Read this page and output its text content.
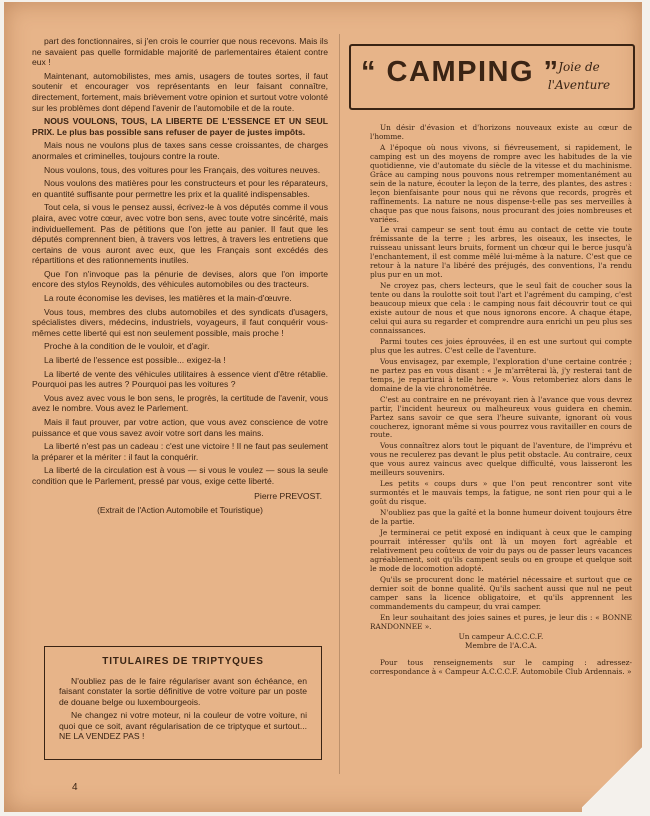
part des fonctionnaires, si j'en crois le courrier que nous recevons. Mais ils ne savaient pas quelle formidable majorité de parlementaires étaient contre eux !

Maintenant, automobilistes, mes amis, usagers de toutes sortes, il faut soutenir et encourager vos représentants en leur faisant connaître, directement, fortement, mais brièvement votre opinion et surtout votre volonté sur les problèmes dont dépend l'avenir de l'automobile et de la route.

NOUS VOULONS, TOUS, LA LIBERTE DE L'ESSENCE ET UN SEUL PRIX. Le plus bas possible sans refuser de payer de justes impôts.

Mais nous ne voulons plus de taxes sans cesse croissantes, de charges anormales et criminelles, toujours contre la route.

Nous voulons, tous, des voitures pour les Français, des voitures neuves.

Nous voulons des matières pour les constructeurs et pour les réparateurs, en quantité suffisante pour permettre les prix et la qualité indispensables.

Tout cela, si vous le pensez aussi, écrivez-le à vos députés comme il vous plaira, avec votre cœur, avec votre bon sens, avec toute votre sincérité, mais individuellement. Pas de pétitions que l'on jette au panier. Il faut que les députés comprennent bien, à travers vos lettres, à travers les entretiens que certains de vous auront avec eux, que les Français sont excédés des répartitions et des rationnements inutiles.

Que l'on n'invoque pas la pénurie de devises, alors que l'on importe encore des stylos Reynolds, des véhicules automobiles ou des tracteurs.

La route économise les devises, les matières et la main-d'œuvre.

Vous tous, membres des clubs automobiles et des syndicats d'usagers, spécialistes divers, médecins, industriels, voyageurs, il faut conquérir vous-mêmes cette liberté qui est non seulement possible, mais proche !

Proche à la condition de le vouloir, et d'agir.

La liberté de l'essence est possible... exigez-la !

La liberté de vente des véhicules utilitaires à essence vient d'être rétablie. Pourquoi pas les autres ? Pourquoi pas les voitures ?

Vous avez avec vous le bon sens, le progrès, la certitude de l'avenir, vous avez le nombre. Vous avez le Parlement.

Mais il faut prouver, par votre action, que vous avez conscience de votre puissance et que vous savez avoir votre sort dans les mains.

La liberté n'est pas un cadeau : c'est une victoire ! Il ne faut pas seulement la préparer et la mériter : il faut la conquérir.

La liberté de la circulation est à vous — si vous le voulez — sous la seule condition que le Parlement, pressé par vous, exige cette liberté.

Pierre PREVOST.
(Extrait de l'Action Automobile et Touristique)
TITULAIRES DE TRIPTYQUES

N'oubliez pas de le faire régulariser avant son échéance, en faisant constater la sortie définitive de votre voiture par un poste de douane belge ou luxembourgeois.

Ne changez ni votre moteur, ni la couleur de votre voiture, ni quoi que ce soit, avant régularisation de ce triptyque et surtout... NE LA VENDEZ PAS !

4
“ CAMPING ”
Joie de
l'Aventure

Un désir d'évasion et d'horizons nouveaux existe au cœur de l'homme.

A l'époque où nous vivons, si fiévreusement, si rapidement, le camping est un des moyens de rompre avec les habitudes de la vie quotidienne, vie d'automate du siècle de la vitesse et du machinisme. Grâce au camping nous pouvons nous retremper momentanément au sein de la nature, écouter la leçon de la terre, des plantes, des astres : leçon bienfaisante pour nous qui ne rêvons que records, progrès et raffinements. La nature ne nous dispense-t-elle pas ses merveilles à chaque pas que nous faisons, nous procurant des joies nombreuses et variées.

Le vrai campeur se sent tout ému au contact de cette vie toute frémissante de la terre ; les arbres, les oiseaux, les insectes, le ruisseau unissant leurs bruits, forment un chœur qui le berce jusqu'à l'enchantement, il est comme mêlé lui-même à la nature. C'est que ce retour à la nature l'a libéré des préjugés, des conventions, l'a rendu plus pur en un mot.

Ne croyez pas, chers lecteurs, que le seul fait de coucher sous la tente ou dans la roulotte soit tout l'art et l'agrément du camping, c'est beaucoup mieux que cela : le camping nous fait découvrir tout ce qui existe autour de nous et que nous ignorons encore. A chaque étape, celui qui aura su regarder et comprendre aura enrichi un peu plus ses connaissances.

Parmi toutes ces joies éprouvées, il en est une surtout qui compte plus que les autres. C'est celle de l'aventure.

Vous envisagez, par exemple, l'exploration d'une certaine contrée ; ne partez pas en vous disant : « Je m'arrêterai là, j'y resterai tant de temps, je repartirai à telle heure ». Vous retomberiez alors dans le domaine de la vie chronométrée.

C'est au contraire en ne prévoyant rien à l'avance que vous devrez partir, l'incident heureux ou malheureux vous guidera en chemin. Partez sans savoir ce que sera l'heure suivante, ignorant où vous coucherez, ignorant même si vous pourrez vous ravitailler en cours de route.

Vous connaîtrez alors tout le piquant de l'aventure, de l'imprévu et vous ne reculerez pas devant le plus petit obstacle. Au contraire, ceux que vous aurez vaincus avec quelque difficulté, vous laisseront les meilleurs souvenirs.

Les petits « coups durs » que l'on peut rencontrer sont vite surmontés et le mauvais temps, la fatigue, ne sont rien pour qui a le goût du risque.

N'oubliez pas que la gaîté et la bonne humeur doivent toujours être de la partie.

Je terminerai ce petit exposé en indiquant à ceux que le camping pourrait intéresser qu'ils ont là un moyen fort agréable et relativement peu coûteux de voir du pays ou de passer leurs vacances agréablement, soit qu'ils campent seuls ou en groupe et quelque soit le mode de locomotion adopté.

Qu'ils se procurent donc le matériel nécessaire et surtout que ce dernier soit de bonne qualité. Qu'ils sachent aussi que nul ne peut camper sans la licence obligatoire, et qu'ils apprennent les commandements du campeur, du vrai camper.

En leur souhaitant des joies saines et pures, je leur dis : « BONNE RANDONNEE ».

Un campeur A.C.C.C.F.

Membre de l'A.C.A.

Pour tous renseignements sur le camping : adressez-correspondance à « Campeur A.C.C.C.F. Automobile Club Ardennais. »
